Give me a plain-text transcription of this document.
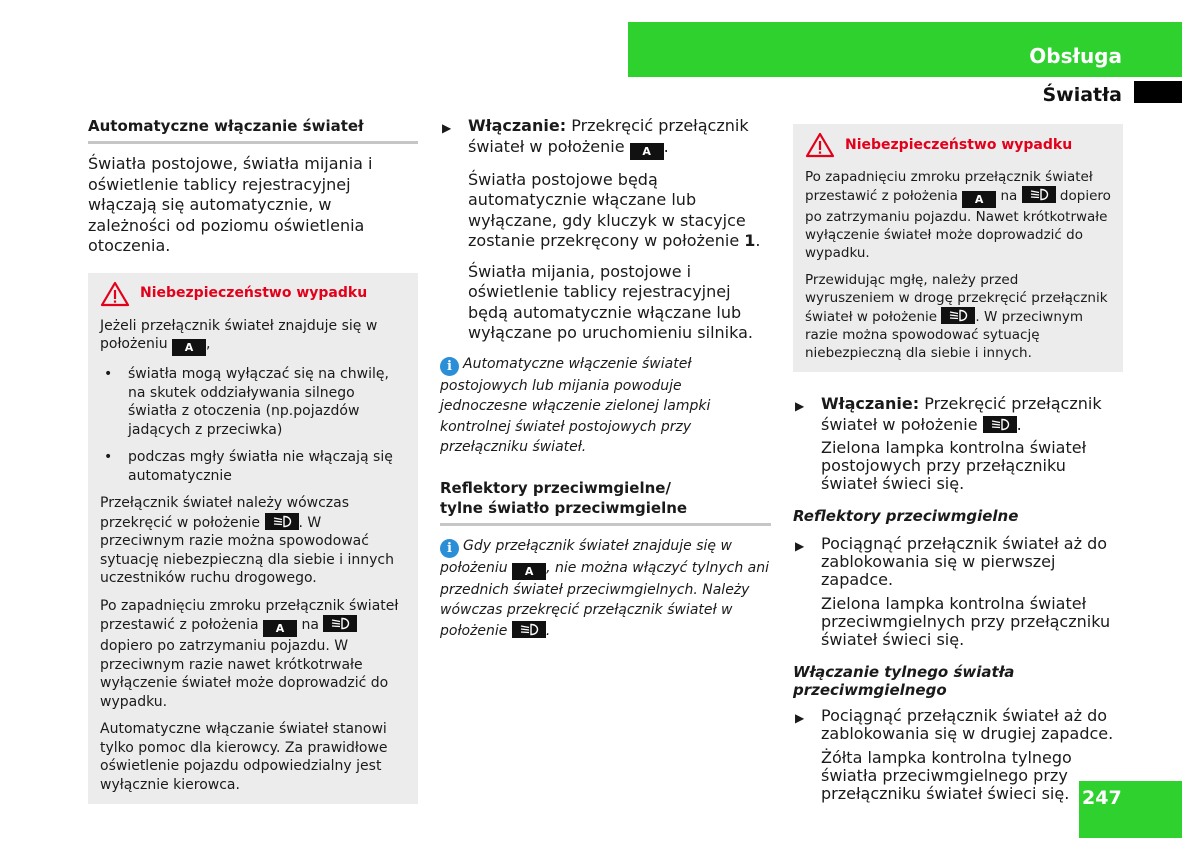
Obsługa
Światła
Automatyczne włączanie świateł

Światła postojowe, światła mijania i oświetlenie tablicy rejestracyjnej włączają się automatycznie, w zależności od poziomu oświetlenia otoczenia.

Niebezpieczeństwo wypadku

Jeżeli przełącznik świateł znajduje się w położeniu A ,

• światła mogą wyłączać się na chwilę, na skutek oddziaływania silnego światła z otoczenia (np.pojazdów jadących z przeciwka)
• podczas mgły światła nie włączają się automatycznie

Przełącznik świateł należy wówczas przekręcić w położenie	. W przeciwnym razie można spowodować sytuację niebezpieczną dla siebie i innych uczestników ruchu drogowego.

Po zapadnięciu zmroku przełącznik świateł przestawić z położenia A na
dopiero po zatrzymaniu pojazdu. W przeciwnym razie nawet krótkotrwałe wyłączenie świateł może doprowadzić do wypadku.

Automatyczne włączanie świateł stanowi tylko pomoc dla kierowcy. Za prawidłowe oświetlenie pojazdu odpowiedzialny jest wyłącznie kierowca.

▶ Włączanie: Przekręcić przełącznik świateł w położenie A .

Światła postojowe będą automatycznie włączane lub wyłączane, gdy kluczyk w stacyjce zostanie przekręcony w położenie 1.

Światła mijania, postojowe i oświetlenie tablicy rejestracyjnej będą automatycznie włączane lub wyłączane po uruchomieniu silnika.

i Automatyczne włączenie świateł postojowych lub mijania powoduje jednoczesne włączenie zielonej lampki kontrolnej świateł postojowych przy przełączniku świateł.

Reflektory przeciwmgielne/
tylne światło przeciwmgielne

i Gdy przełącznik świateł znajduje się w położeniu A , nie można włączyć tylnych ani przednich świateł przeciwmgielnych. Należy wówczas przekręcić przełącznik świateł w położenie	.

Niebezpieczeństwo wypadku

Po zapadnięciu zmroku przełącznik świateł przestawić z położenia A na	dopiero po zatrzymaniu pojazdu. Nawet krótkotrwałe wyłączenie świateł może doprowadzić do wypadku.

Przewidując mgłę, należy przed wyruszeniem w drogę przekręcić przełącznik świateł w położenie	. W przeciwnym razie można spowodować sytuację niebezpieczną dla siebie i innych.

▶ Włączanie: Przekręcić przełącznik świateł w położenie .

Zielona lampka kontrolna świateł postojowych przy przełączniku świateł świeci się.

Reflektory przeciwmgielne

▶ Pociągnąć przełącznik świateł aż do zablokowania się w pierwszej zapadce.

Zielona lampka kontrolna świateł przeciwmgielnych przy przełączniku świateł świeci się.

Włączanie tylnego światła przeciwmgielnego

▶ Pociągnąć przełącznik świateł aż do zablokowania się w drugiej zapadce.

Żółta lampka kontrolna tylnego światła przeciwmgielnego przy przełączniku świateł świeci się. 247
